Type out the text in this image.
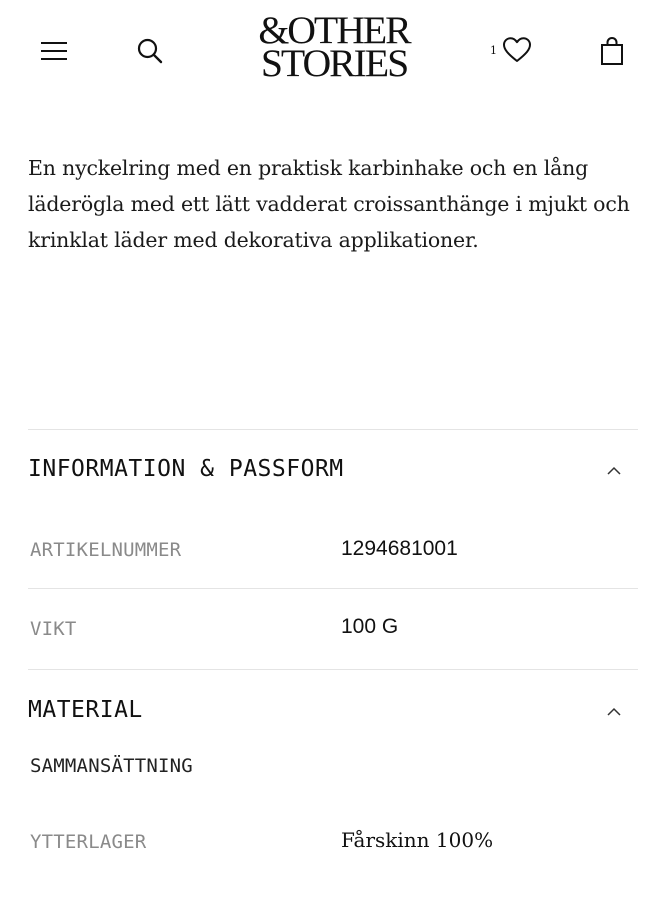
&OTHER
STORIES	1

En nyckelring med en praktisk karbinhake och en lång läderögla med ett lätt vadderat croissanthänge i mjukt och krinklat läder med dekorativa applikationer.

INFORMATION & PASSFORM
ARTIKELNUMMER	1294681001
VIKT	100 G
MATERIAL
SAMMANSÄTTNING
YTTERLAGER	Fårskinn 100%
